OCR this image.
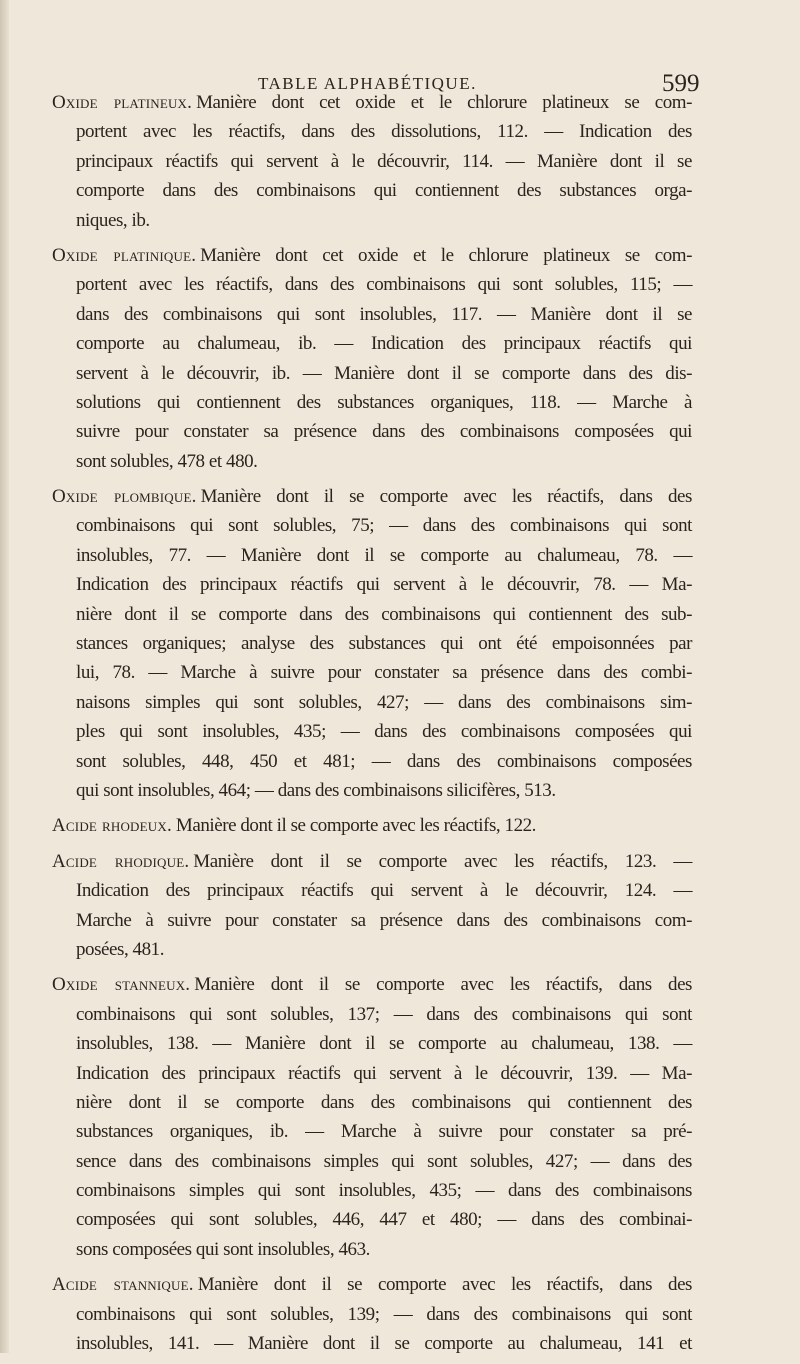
TABLE ALPHABÉTIQUE.	599
Oxide platineux. Manière dont cet oxide et le chlorure platineux se com-
portent avec les réactifs, dans des dissolutions, 112. — Indication des
principaux réactifs qui servent à le découvrir, 114. — Manière dont il se
comporte dans des combinaisons qui contiennent des substances orga-
niques, ib.
Oxide platinique. Manière dont cet oxide et le chlorure platineux se com-
portent avec les réactifs, dans des combinaisons qui sont solubles, 115; —
dans des combinaisons qui sont insolubles, 117. — Manière dont il se
comporte au chalumeau, ib. — Indication des principaux réactifs qui
servent à le découvrir, ib. — Manière dont il se comporte dans des dis-
solutions qui contiennent des substances organiques, 118. — Marche à
suivre pour constater sa présence dans des combinaisons composées qui
sont solubles, 478 et 480.
Oxide plombique. Manière dont il se comporte avec les réactifs, dans des
combinaisons qui sont solubles, 75; — dans des combinaisons qui sont
insolubles, 77. — Manière dont il se comporte au chalumeau, 78. —
Indication des principaux réactifs qui servent à le découvrir, 78. — Ma-
nière dont il se comporte dans des combinaisons qui contiennent des sub-
stances organiques; analyse des substances qui ont été empoisonnées par
lui, 78. — Marche à suivre pour constater sa présence dans des combi-
naisons simples qui sont solubles, 427; — dans des combinaisons sim-
ples qui sont insolubles, 435; — dans des combinaisons composées qui
sont solubles, 448, 450 et 481; — dans des combinaisons composées
qui sont insolubles, 464; — dans des combinaisons silicifères, 513.
Acide rhodeux. Manière dont il se comporte avec les réactifs, 122.
Acide rhodique. Manière dont il se comporte avec les réactifs, 123. —
Indication des principaux réactifs qui servent à le découvrir, 124. —
Marche à suivre pour constater sa présence dans des combinaisons com-
posées, 481.
Oxide stanneux. Manière dont il se comporte avec les réactifs, dans des
combinaisons qui sont solubles, 137; — dans des combinaisons qui sont
insolubles, 138. — Manière dont il se comporte au chalumeau, 138. —
Indication des principaux réactifs qui servent à le découvrir, 139. — Ma-
nière dont il se comporte dans des combinaisons qui contiennent des
substances organiques, ib. — Marche à suivre pour constater sa pré-
sence dans des combinaisons simples qui sont solubles, 427; — dans des
combinaisons simples qui sont insolubles, 435; — dans des combinaisons
composées qui sont solubles, 446, 447 et 480; — dans des combinai-
sons composées qui sont insolubles, 463.
Acide stannique. Manière dont il se comporte avec les réactifs, dans des
combinaisons qui sont solubles, 139; — dans des combinaisons qui sont
insolubles, 141. — Manière dont il se comporte au chalumeau, 141 et
